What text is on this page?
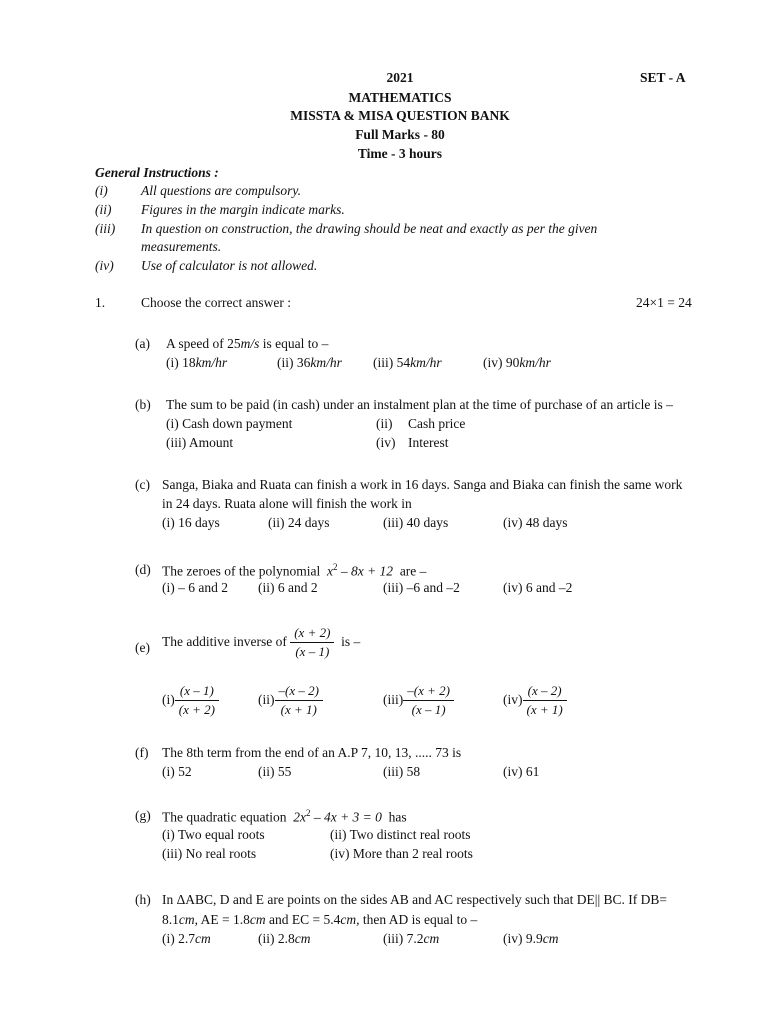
2021	SET - A
MATHEMATICS
MISSTA & MISA QUESTION BANK
Full Marks - 80
Time - 3 hours
General Instructions :
(i) All questions are compulsory.
(ii) Figures in the margin indicate marks.
(iii) In question on construction, the drawing should be neat and exactly as per the given
measurements.
(iv) Use of calculator is not allowed.
1.	Choose the correct answer :	24×1 = 24
(a) A speed of 25m/s is equal to –
(i) 18km/hr	(ii) 36km/hr (iii) 54km/hr	(iv) 90km/hr
(b) The sum to be paid (in cash) under an instalment plan at the time of purchase of an article is –
(i) Cash down payment	(ii) Cash price
(iii) Amount	(iv) Interest
(c) Sanga, Biaka and Ruata can finish a work in 16 days. Sanga and Biaka can finish the same work
in 24 days. Ruata alone will finish the work in
(i) 16 days	(ii) 24 days	(iii) 40 days	(iv) 48 days
(d) The zeroes of the polynomial $x^2 - 8x + 12$ are –
(i) – 6 and 2 (ii) 6 and 2	(iii) –6 and –2	(iv) 6 and –2
(e) The additive inverse of
$\frac{(x + 2)}{(x - 1)}$
is –
$(i) \frac{(x - 1)}{(x + 2)}$	$(ii) \frac{-(x - 2)}{(x + 1)}$	$(iii) \frac{-(x + 2)}{(x - 1)}$	$(iv) \frac{(x - 2)}{(x + 1)}$
(f) The 8th term from the end of an A.P 7, 10, 13, ..... 73 is
(i) 52	(ii) 55	(iii) 58	(iv) 61
(g) The quadratic equation $2x^2 - 4x + 3 = 0$ has
(i) Two equal roots	(ii) Two distinct real roots
(iii) No real roots	(iv) More than 2 real roots
(h) In ΔABC, D and E are points on the sides AB and AC respectively such that DE|| BC. If DB=
8.1cm, AE = 1.8cm and EC = 5.4cm, then AD is equal to –
(i) 2.7cm	(ii) 2.8cm	(iii) 7.2cm	(iv) 9.9cm
